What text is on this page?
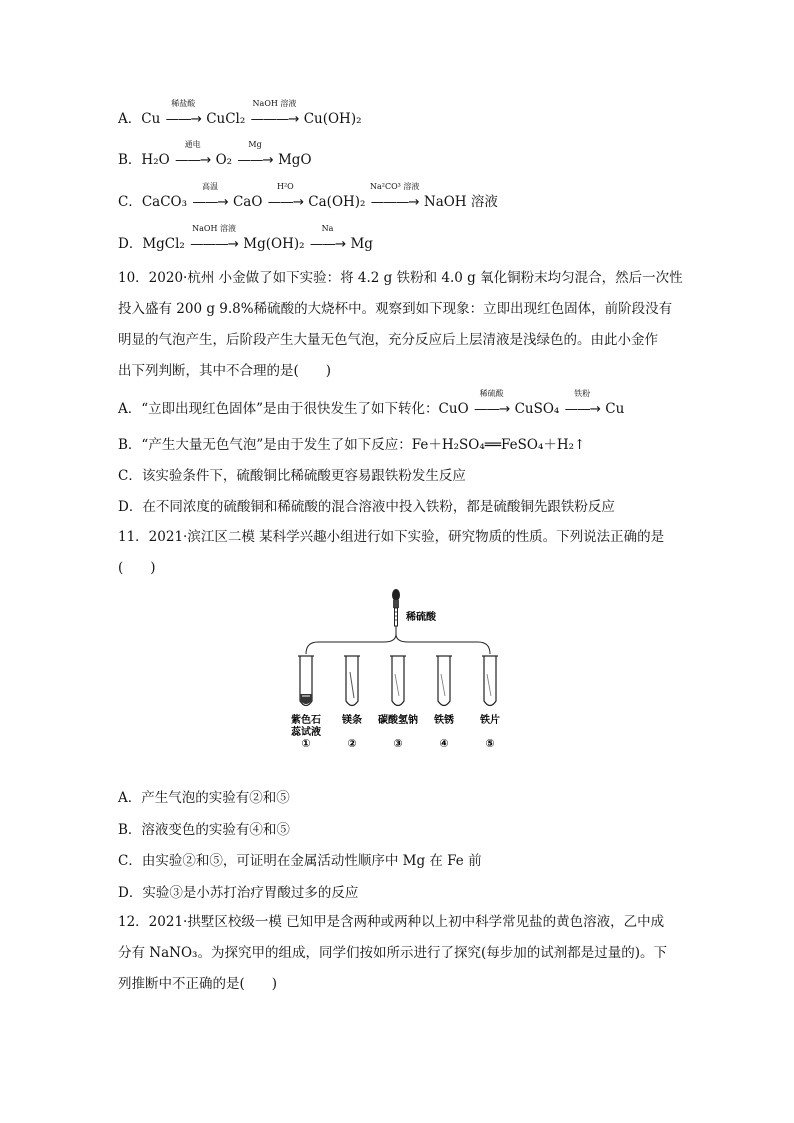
A．Cu
稀盐酸
——→ CuCl₂
NaOH 溶液
———→ Cu(OH)₂
B．H₂O
通电
——→ O₂
Mg
——→ MgO
C．CaCO₃
高温
——→ CaO
H²O
——→ Ca(OH)₂
Na²CO³ 溶液
———→ NaOH 溶液
D．MgCl₂
NaOH 溶液
———→ Mg(OH)₂
Na
——→ Mg
10．2020·杭州 小金做了如下实验：将 4.2 g 铁粉和 4.0 g 氧化铜粉末均匀混合，然后一次性
投入盛有 200 g 9.8%稀硫酸的大烧杯中。观察到如下现象：立即出现红色固体，前阶段没有
明显的气泡产生，后阶段产生大量无色气泡，充分反应后上层清液是浅绿色的。由此小金作
出下列判断，其中不合理的是(　　)
A．“立即出现红色固体”是由于很快发生了如下转化：CuO
稀硫酸
——→ CuSO₄
铁粉
——→ Cu
B．“产生大量无色气泡”是由于发生了如下反应：Fe＋H₂SO₄══FeSO₄＋H₂↑
C．该实验条件下，硫酸铜比稀硫酸更容易跟铁粉发生反应
D．在不同浓度的硫酸铜和稀硫酸的混合溶液中投入铁粉，都是硫酸铜先跟铁粉反应
11．2021·滨江区二模 某科学兴趣小组进行如下实验，研究物质的性质。下列说法正确的是
(　　)
稀硫酸
紫色石
蕊试液
①
镁条
②
碳酸氢钠
③
铁锈
④
铁片
⑤
A．产生气泡的实验有②和⑤
B．溶液变色的实验有④和⑤
C．由实验②和⑤，可证明在金属活动性顺序中 Mg 在 Fe 前
D．实验③是小苏打治疗胃酸过多的反应
12．2021·拱墅区校级一模 已知甲是含两种或两种以上初中科学常见盐的黄色溶液，乙中成
分有 NaNO₃。为探究甲的组成，同学们按如所示进行了探究(每步加的试剂都是过量的)。下
列推断中不正确的是(　　)
